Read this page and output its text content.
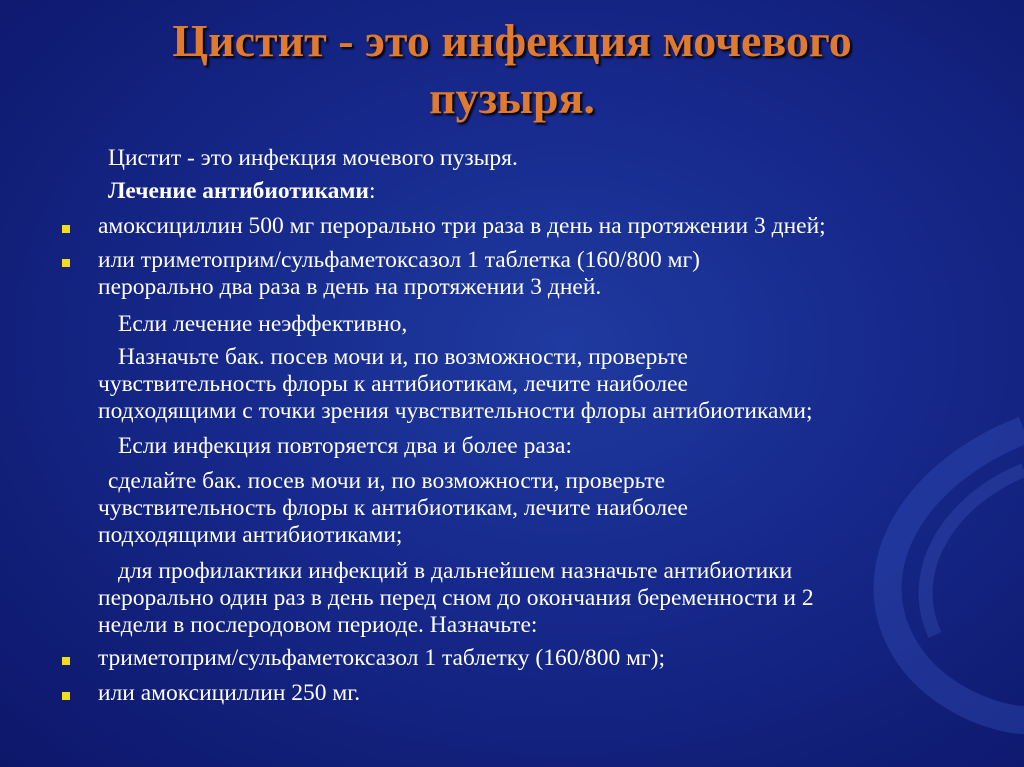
Цистит - это инфекция мочевого
пузыря.
Цистит - это инфекция мочевого пузыря.
Лечение антибиотиками:
амоксициллин 500 мг перорально три раза в день на протяжении 3 дней;
или триметоприм/сульфаметоксазол 1 таблетка (160/800 мг)
перорально два раза в день на протяжении 3 дней.
Если лечение неэффективно,
Назначьте бак. посев мочи и, по возможности, проверьте
чувствительность флоры к антибиотикам, лечите наиболее
подходящими с точки зрения чувствительности флоры антибиотиками;
Если инфекция повторяется два и более раза:
сделайте бак. посев мочи и, по возможности, проверьте
чувствительность флоры к антибиотикам, лечите наиболее
подходящими антибиотиками;
для профилактики инфекций в дальнейшем назначьте антибиотики
перорально один раз в день перед сном до окончания беременности и 2
недели в послеродовом периоде. Назначьте:
триметоприм/сульфаметоксазол 1 таблетку (160/800 мг);
или амоксициллин 250 мг.
